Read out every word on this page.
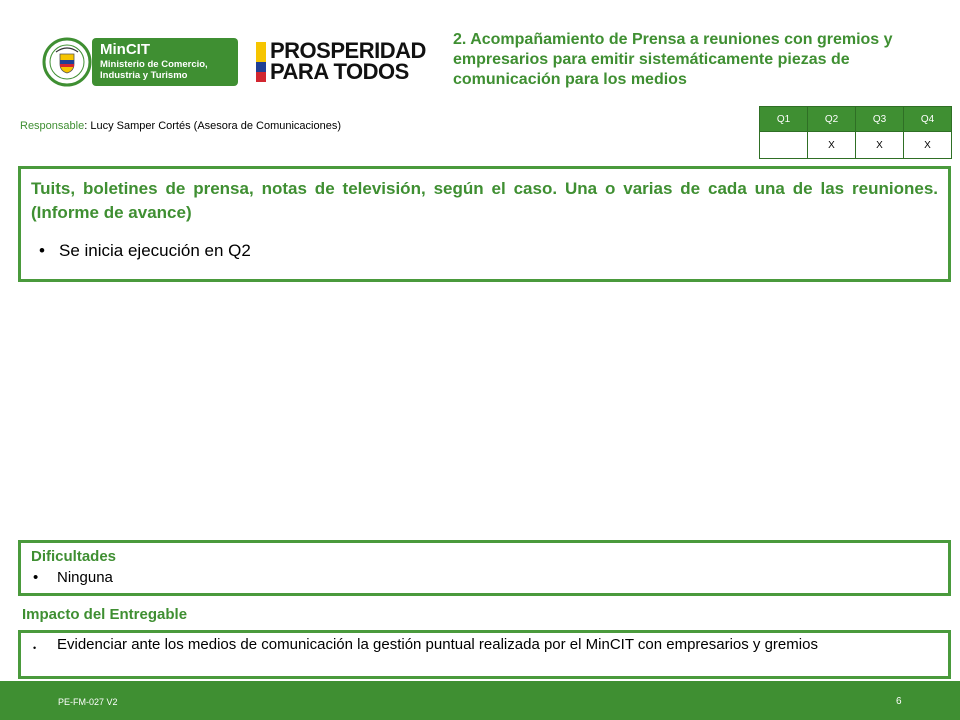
MinCIT
Ministerio de Comercio,
Industria y Turismo
PROSPERIDAD
PARA TODOS
2. Acompañamiento de Prensa a reuniones con gremios y empresarios para emitir sistemáticamente piezas de comunicación para los medios
Responsable: Lucy Samper Cortés (Asesora de Comunicaciones)
Q1	Q2	Q3	Q4
	X	X	X
Tuits, boletines de prensa, notas de televisión, según el caso. Una o varias de cada una de las reuniones. (Informe de avance)
• Se inicia ejecución en Q2
Dificultades
•	Ninguna
Impacto del Entregable
•	Evidenciar ante los medios de comunicación la gestión puntual realizada por el MinCIT con empresarios y gremios
PE-FM-027 V2	6
